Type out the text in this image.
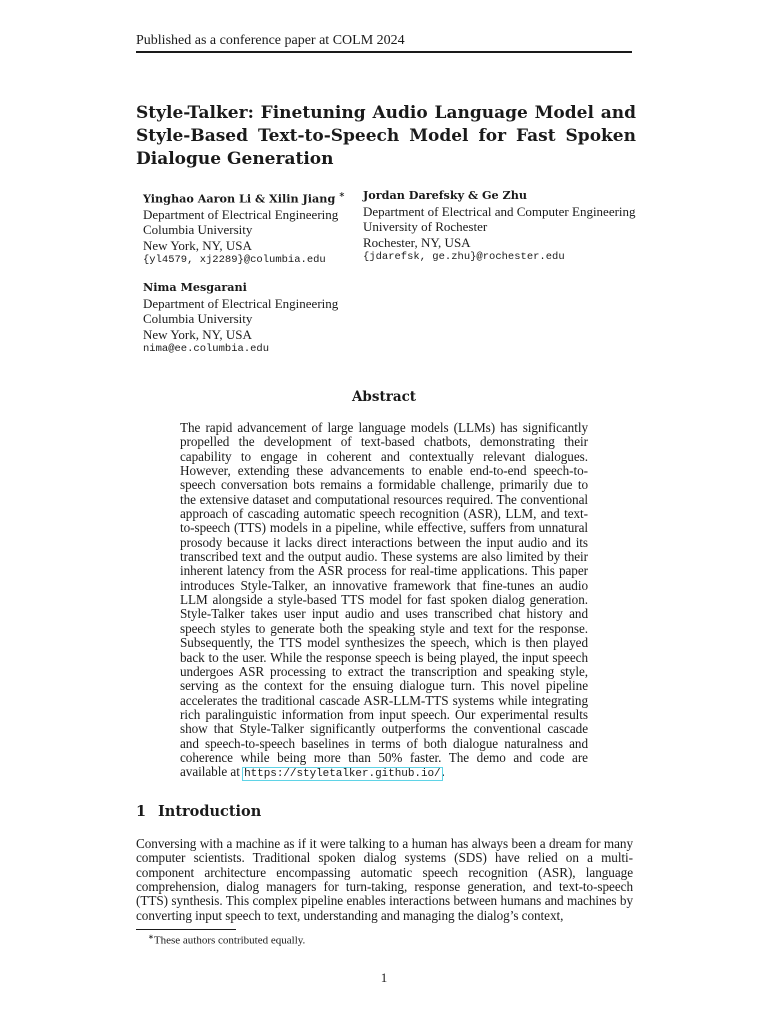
Published as a conference paper at COLM 2024
Style-Talker: Finetuning Audio Language Model and Style-Based Text-to-Speech Model for Fast Spoken Dialogue Generation
Yinghao Aaron Li & Xilin Jiang ∗
Department of Electrical Engineering
Columbia University
New York, NY, USA
{yl4579, xj2289}@columbia.edu
Jordan Darefsky & Ge Zhu
Department of Electrical and Computer Engineering
University of Rochester
Rochester, NY, USA
{jdarefsk, ge.zhu}@rochester.edu
Nima Mesgarani
Department of Electrical Engineering
Columbia University
New York, NY, USA
nima@ee.columbia.edu
Abstract
The rapid advancement of large language models (LLMs) has significantly propelled the development of text-based chatbots, demonstrating their capability to engage in coherent and contextually relevant dialogues. However, extending these advancements to enable end-to-end speech-to-speech conversation bots remains a formidable challenge, primarily due to the extensive dataset and computational resources required. The conventional approach of cascading automatic speech recognition (ASR), LLM, and text-to-speech (TTS) models in a pipeline, while effective, suffers from unnatural prosody because it lacks direct interactions between the input audio and its transcribed text and the output audio. These systems are also limited by their inherent latency from the ASR process for real-time applications. This paper introduces Style-Talker, an innovative framework that fine-tunes an audio LLM alongside a style-based TTS model for fast spoken dialog generation. Style-Talker takes user input audio and uses transcribed chat history and speech styles to generate both the speaking style and text for the response. Subsequently, the TTS model synthesizes the speech, which is then played back to the user. While the response speech is being played, the input speech undergoes ASR processing to extract the transcription and speaking style, serving as the context for the ensuing dialogue turn. This novel pipeline accelerates the traditional cascade ASR-LLM-TTS systems while integrating rich paralinguistic information from input speech. Our experimental results show that Style-Talker significantly outperforms the conventional cascade and speech-to-speech baselines in terms of both dialogue naturalness and coherence while being more than 50% faster. The demo and code are available at https://styletalker.github.io/.
1 Introduction
Conversing with a machine as if it were talking to a human has always been a dream for many computer scientists. Traditional spoken dialog systems (SDS) have relied on a multi-component architecture encompassing automatic speech recognition (ASR), language comprehension, dialog managers for turn-taking, response generation, and text-to-speech (TTS) synthesis. This complex pipeline enables interactions between humans and machines by converting input speech to text, understanding and managing the dialog’s context,
∗These authors contributed equally.
1
